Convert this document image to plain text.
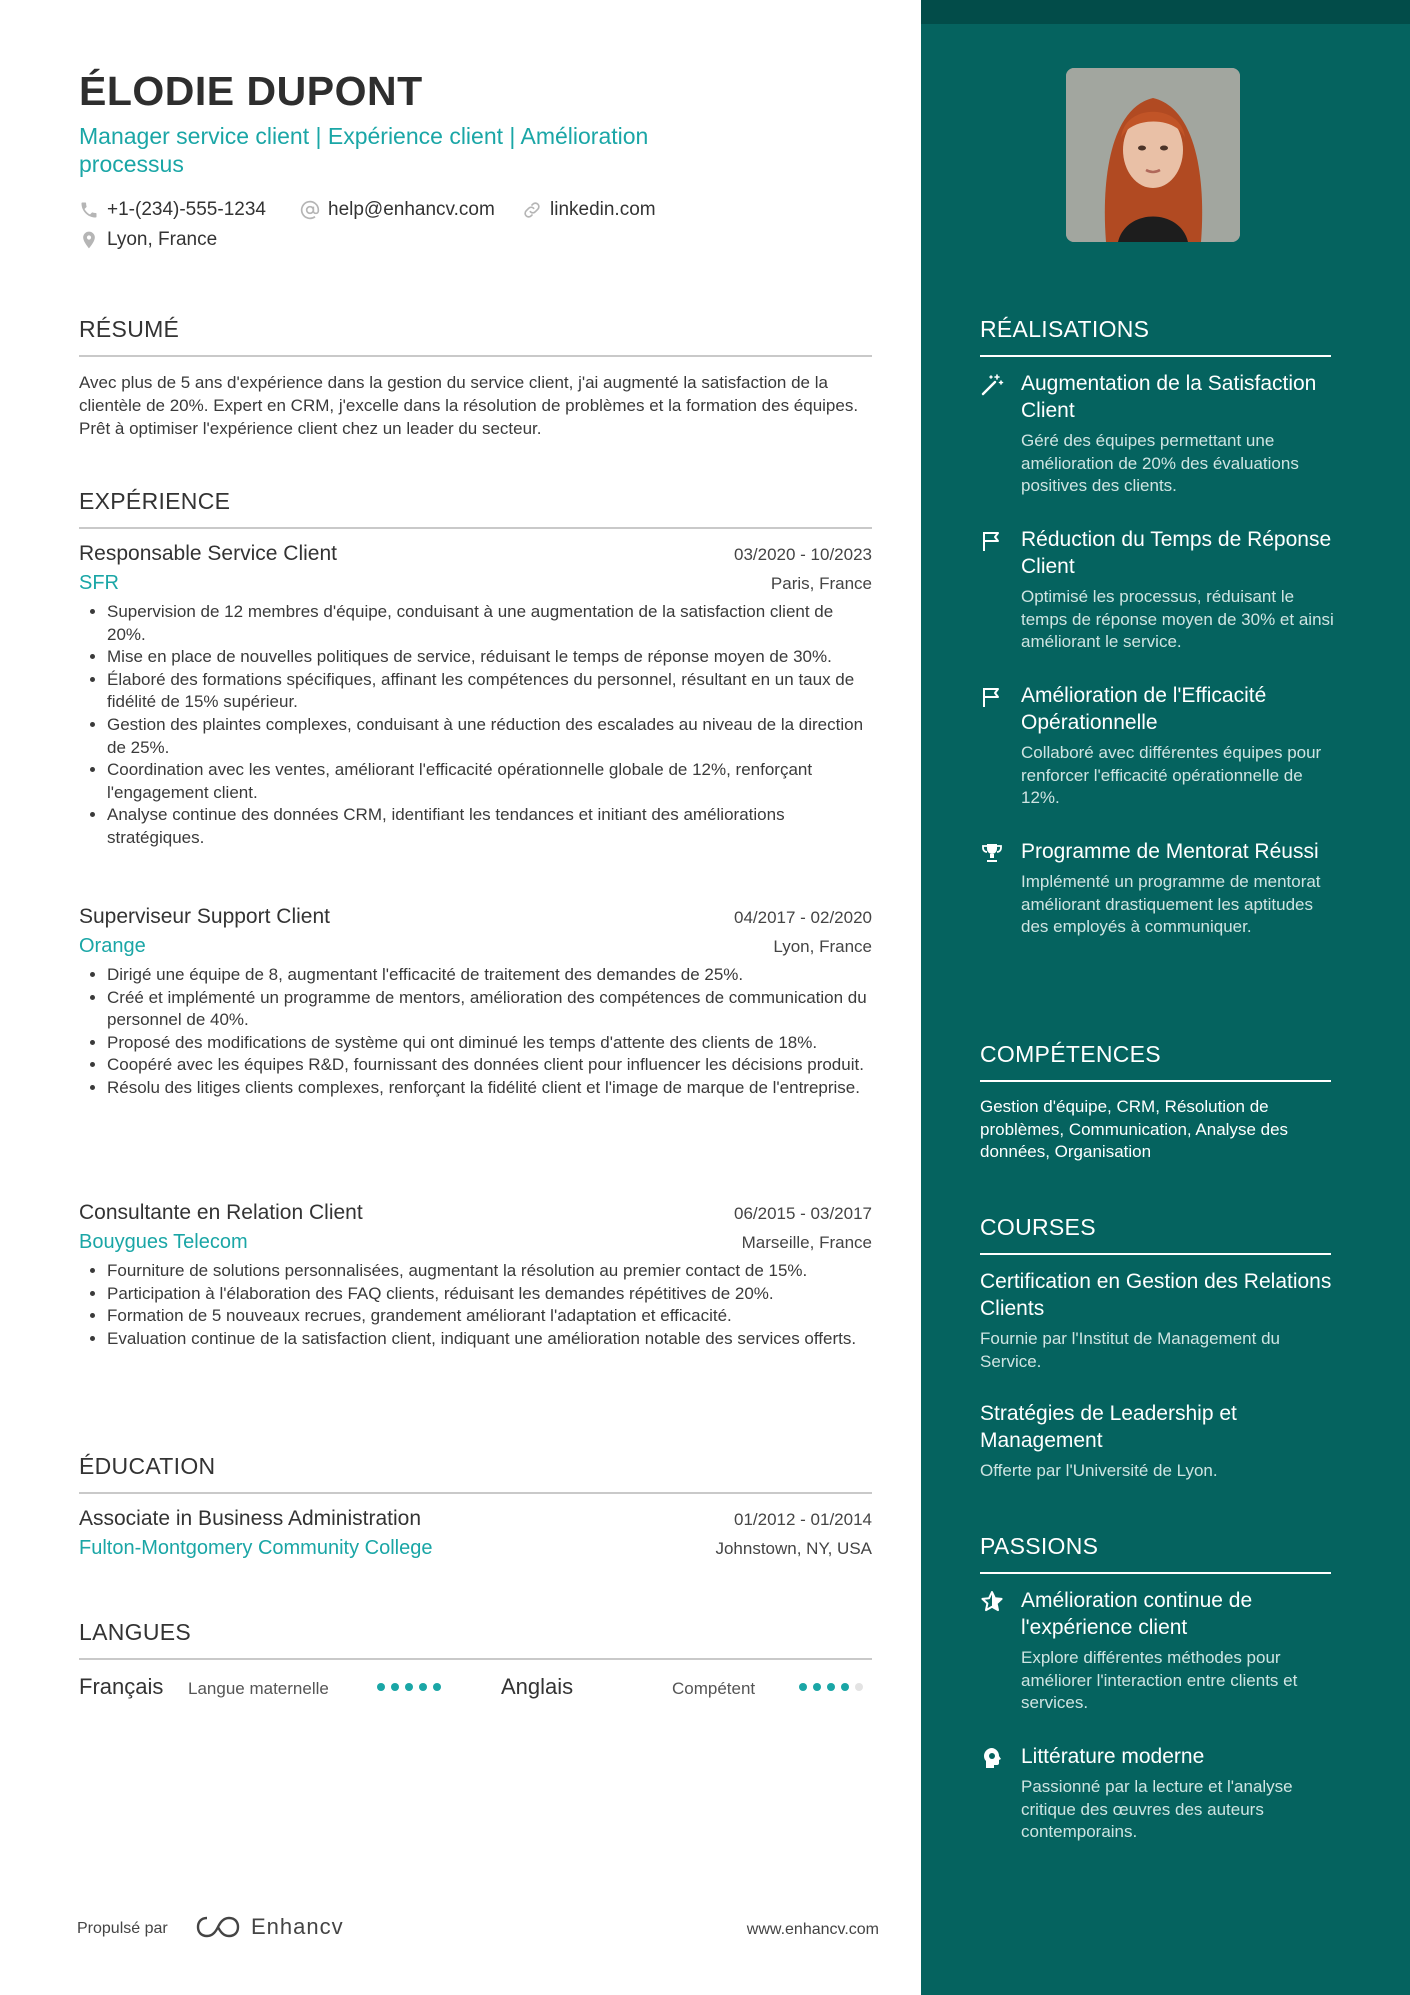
ÉLODIE DUPONT
Manager service client | Expérience client | Amélioration processus
+1-(234)-555-1234	help@enhancv.com	linkedin.com
Lyon, France
RÉSUMÉ
Avec plus de 5 ans d'expérience dans la gestion du service client, j'ai augmenté la satisfaction de la clientèle de 20%. Expert en CRM, j'excelle dans la résolution de problèmes et la formation des équipes. Prêt à optimiser l'expérience client chez un leader du secteur.
EXPÉRIENCE
Responsable Service Client	03/2020 - 10/2023
SFR	Paris, France
• Supervision de 12 membres d'équipe, conduisant à une augmentation de la satisfaction client de 20%.
• Mise en place de nouvelles politiques de service, réduisant le temps de réponse moyen de 30%.
• Élaboré des formations spécifiques, affinant les compétences du personnel, résultant en un taux de fidélité de 15% supérieur.
• Gestion des plaintes complexes, conduisant à une réduction des escalades au niveau de la direction de 25%.
• Coordination avec les ventes, améliorant l'efficacité opérationnelle globale de 12%, renforçant l'engagement client.
• Analyse continue des données CRM, identifiant les tendances et initiant des améliorations stratégiques.
Superviseur Support Client	04/2017 - 02/2020
Orange	Lyon, France
• Dirigé une équipe de 8, augmentant l'efficacité de traitement des demandes de 25%.
• Créé et implémenté un programme de mentors, amélioration des compétences de communication du personnel de 40%.
• Proposé des modifications de système qui ont diminué les temps d'attente des clients de 18%.
• Coopéré avec les équipes R&D, fournissant des données client pour influencer les décisions produit.
• Résolu des litiges clients complexes, renforçant la fidélité client et l'image de marque de l'entreprise.
Consultante en Relation Client	06/2015 - 03/2017
Bouygues Telecom	Marseille, France
• Fourniture de solutions personnalisées, augmentant la résolution au premier contact de 15%.
• Participation à l'élaboration des FAQ clients, réduisant les demandes répétitives de 20%.
• Formation de 5 nouveaux recrues, grandement améliorant l'adaptation et efficacité.
• Evaluation continue de la satisfaction client, indiquant une amélioration notable des services offerts.
ÉDUCATION
Associate in Business Administration	01/2012 - 01/2014
Fulton-Montgomery Community College	Johnstown, NY, USA
LANGUES
Français Langue maternelle	Anglais	Compétent
Propulsé par	Enhancv	www.enhancv.com
RÉALISATIONS
Augmentation de la Satisfaction Client
Géré des équipes permettant une amélioration de 20% des évaluations positives des clients.
Réduction du Temps de Réponse Client
Optimisé les processus, réduisant le temps de réponse moyen de 30% et ainsi améliorant le service.
Amélioration de l'Efficacité Opérationnelle
Collaboré avec différentes équipes pour renforcer l'efficacité opérationnelle de 12%.
Programme de Mentorat Réussi
Implémenté un programme de mentorat améliorant drastiquement les aptitudes des employés à communiquer.
COMPÉTENCES
Gestion d'équipe, CRM, Résolution de problèmes, Communication, Analyse des données, Organisation
COURSES
Certification en Gestion des Relations Clients
Fournie par l'Institut de Management du Service.
Stratégies de Leadership et Management
Offerte par l'Université de Lyon.
PASSIONS
Amélioration continue de l'expérience client
Explore différentes méthodes pour améliorer l'interaction entre clients et services.
Littérature moderne
Passionné par la lecture et l'analyse critique des œuvres des auteurs contemporains.
